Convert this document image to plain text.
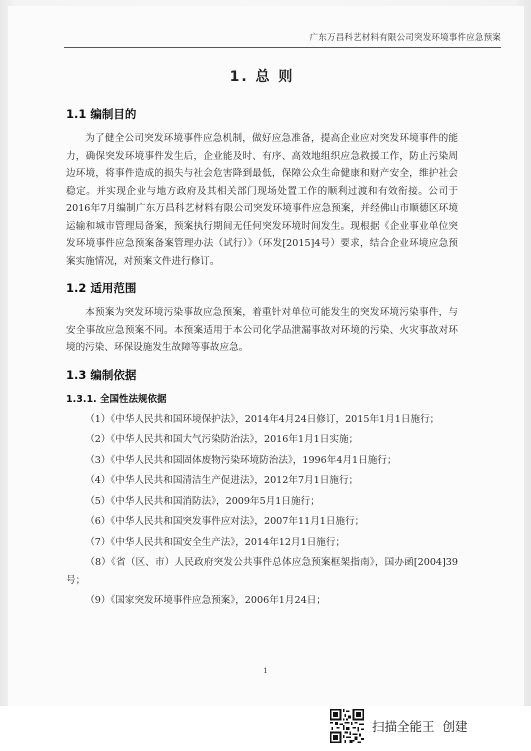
广东万昌科艺材料有限公司突发环境事件应急预案
1. 总 则
1.1 编制目的

为了健全公司突发环境事件应急机制，做好应急准备，提高企业应对突发环境事件的能力，确保突发环境事件发生后，企业能及时、有序、高效地组织应急救援工作，防止污染周边环境，将事件造成的损失与社会危害降到最低，保障公众生命健康和财产安全，维护社会稳定。并实现企业与地方政府及其相关部门现场处置工作的顺利过渡和有效衔接。公司于2016年7月编制广东万昌科艺材料有限公司突发环境事件应急预案，并经佛山市顺德区环境运输和城市管理局备案，预案执行期间无任何突发环境时间发生。现根据《企业事业单位突发环境事件应急预案备案管理办法（试行）》（环发[2015]4号）要求，结合企业环境应急预案实施情况，对预案文件进行修订。

1.2 适用范围

本预案为突发环境污染事故应急预案，着重针对单位可能发生的突发环境污染事件，与安全事故应急预案不同。本预案适用于本公司化学品泄漏事故对环境的污染、火灾事故对环境的污染、环保设施发生故障等事故应急。

1.3 编制依据
1.3.1. 全国性法规依据

（1）《中华人民共和国环境保护法》，2014年4月24日修订，2015年1月1日施行；

（2）《中华人民共和国大气污染防治法》，2016年1月1日实施；

（3）《中华人民共和国固体废物污染环境防治法》，1996年4月1日施行；

（4）《中华人民共和国清洁生产促进法》，2012年7月1日施行；

（5）《中华人民共和国消防法》，2009年5月1日施行；

（6）《中华人民共和国突发事件应对法》，2007年11月1日施行；

（7）《中华人民共和国安全生产法》，2014年12月1日施行；

（8）《省（区、市）人民政府突发公共事件总体应急预案框架指南》，国办函[2004]39号；

（9）《国家突发环境事件应急预案》，2006年1月24日；

1
扫描全能王 创建
